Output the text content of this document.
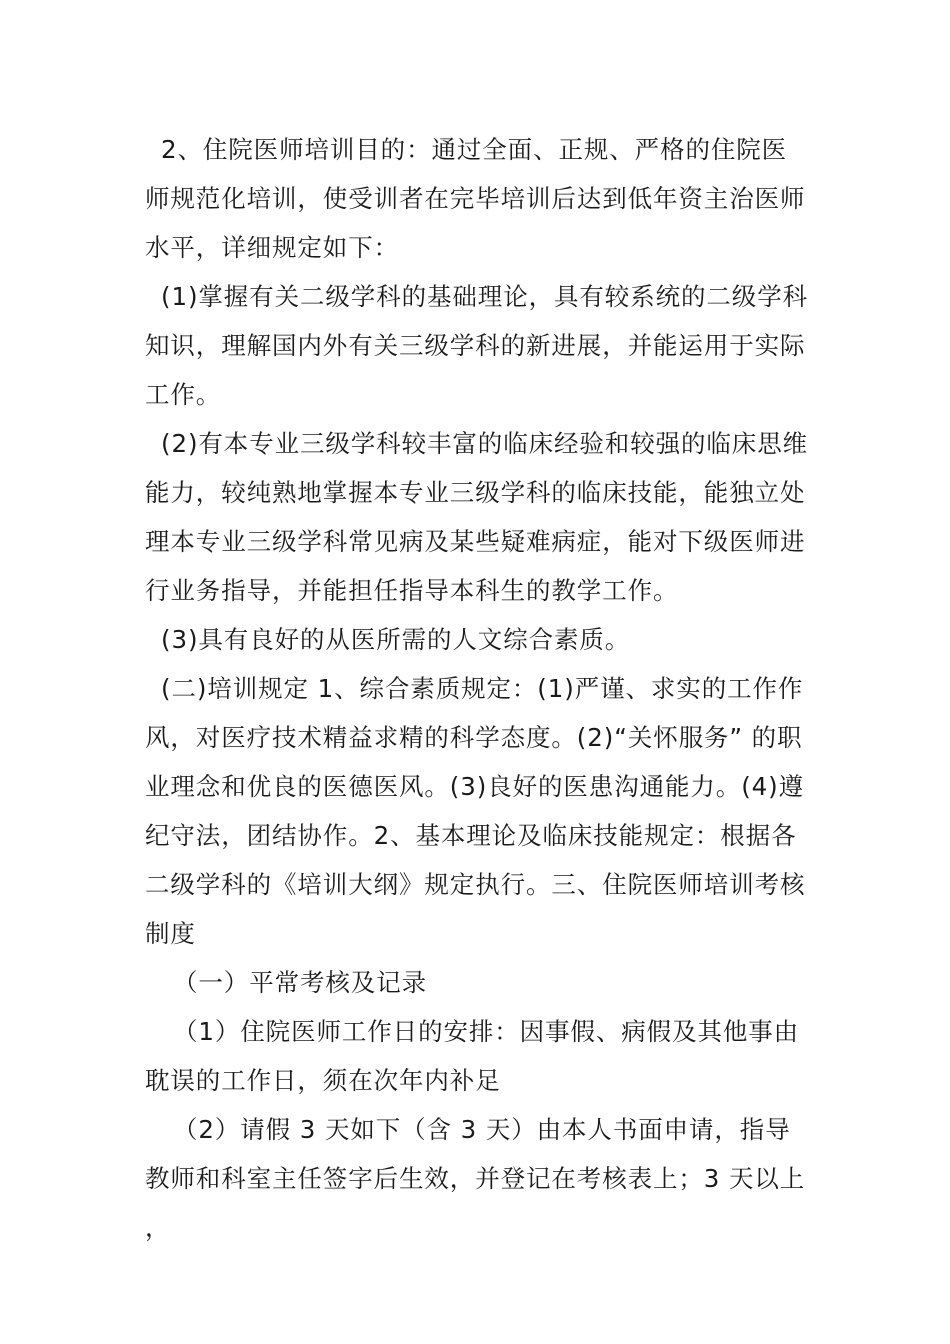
2、住院医师培训目的：通过全面、正规、严格的住院医师规范化培训，使受训者在完毕培训后达到低年资主治医师水平，详细规定如下：

(1)掌握有关二级学科的基础理论，具有较系统的二级学科知识，理解国内外有关三级学科的新进展，并能运用于实际工作。

(2)有本专业三级学科较丰富的临床经验和较强的临床思维能力，较纯熟地掌握本专业三级学科的临床技能，能独立处理本专业三级学科常见病及某些疑难病症，能对下级医师进行业务指导，并能担任指导本科生的教学工作。

(3)具有良好的从医所需的人文综合素质。

(二)培训规定 1、综合素质规定：(1)严谨、求实的工作作风，对医疗技术精益求精的科学态度。(2)“关怀服务” 的职业理念和优良的医德医风。(3)良好的医患沟通能力。(4)遵纪守法，团结协作。2、基本理论及临床技能规定：根据各二级学科的《培训大纲》规定执行。三、住院医师培训考核制度

（一）平常考核及记录

（1）住院医师工作日的安排：因事假、病假及其他事由耽误的工作日，须在次年内补足

（2）请假 3 天如下（含 3 天）由本人书面申请，指导教师和科室主任签字后生效，并登记在考核表上；3 天以上，
